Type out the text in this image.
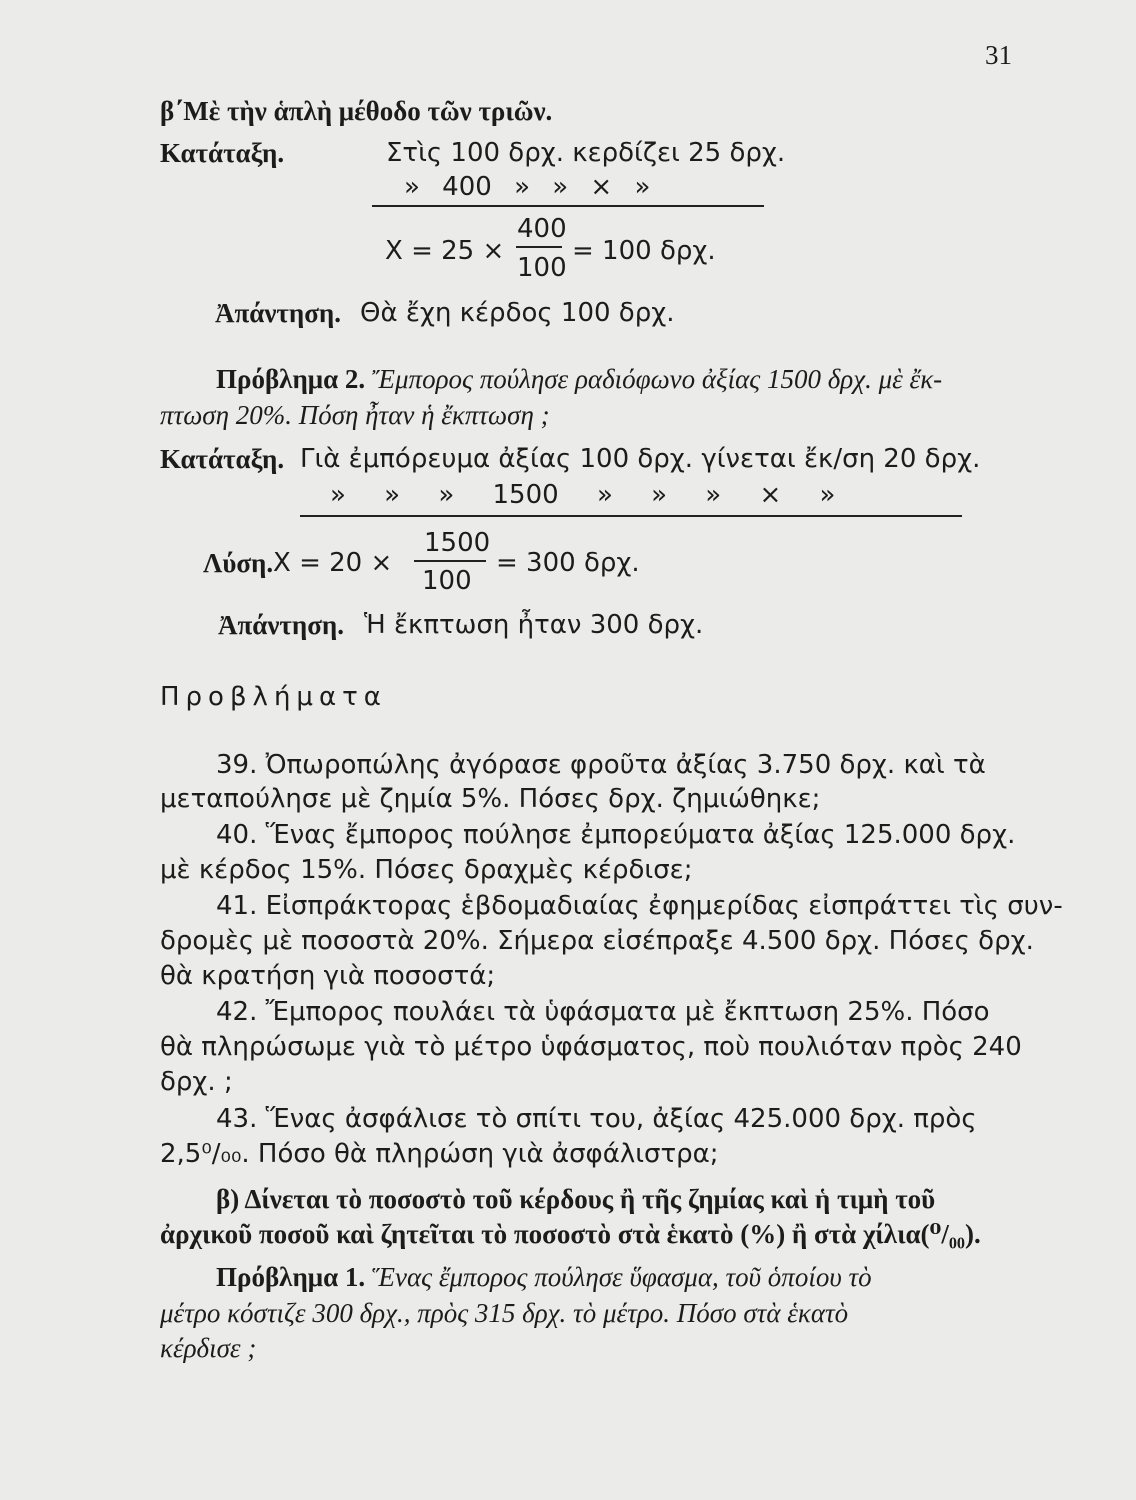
31
β΄Μὲ τὴν ἁπλὴ μέθοδο τῶν τριῶν.
Κατάταξη.	Στὶς 100 δρχ. κερδίζει 25 δρχ.
» 400 » » × »
X = 25 ×
400
100
= 100 δρχ.
Ἀπάντηση. Θὰ ἔχη κέρδος 100 δρχ.
Πρόβλημα 2. Ἔμπορος πούλησε ραδιόφωνο ἀξίας 1500 δρχ. μὲ ἔκ-
πτωση 20%. Πόση ἦταν ἡ ἔκπτωση ;
Κατάταξη. Γιὰ ἐμπόρευμα ἀξίας 100 δρχ. γίνεται ἔκ/ση 20 δρχ.
» » » 1500 » » » × »
Λύση. X = 20 ×
1500
100
= 300 δρχ.
Ἀπάντηση. Ἡ ἔκπτωση ἦταν 300 δρχ.
Προβλήματα
39. Ὀπωροπώλης ἀγόρασε φροῦτα ἀξίας 3.750 δρχ. καὶ τὰ
μεταπούλησε μὲ ζημία 5%. Πόσες δρχ. ζημιώθηκε;
40. Ἕνας ἔμπορος πούλησε ἐμπορεύματα ἀξίας 125.000 δρχ.
μὲ κέρδος 15%. Πόσες δραχμὲς κέρδισε;
41. Εἰσπράκτορας ἑβδομαδιαίας ἐφημερίδας εἰσπράττει τὶς συν-
δρομὲς μὲ ποσοστὰ 20%. Σήμερα εἰσέπραξε 4.500 δρχ. Πόσες δρχ.
θὰ κρατήση γιὰ ποσοστά;
42. Ἔμπορος πουλάει τὰ ὑφάσματα μὲ ἔκπτωση 25%. Πόσο
θὰ πληρώσωμε γιὰ τὸ μέτρο ὑφάσματος, ποὺ πουλιόταν πρὸς 240
δρχ. ;
43. Ἕνας ἀσφάλισε τὸ σπίτι του, ἀξίας 425.000 δρχ. πρὸς
2,5⁰/₀₀. Πόσο θὰ πληρώση γιὰ ἀσφάλιστρα;
β) Δίνεται τὸ ποσοστὸ τοῦ κέρδους ἢ τῆς ζημίας καὶ ἡ τιμὴ τοῦ
ἀρχικοῦ ποσοῦ καὶ ζητεῖται τὸ ποσοστὸ στὰ ἑκατὸ (%) ἢ στὰ χίλια(⁰/₀₀).
Πρόβλημα 1. Ἕνας ἔμπορος πούλησε ὕφασμα, τοῦ ὁποίου τὸ
μέτρο κόστιζε 300 δρχ., πρὸς 315 δρχ. τὸ μέτρο. Πόσο στὰ ἑκατὸ
κέρδισε ;
